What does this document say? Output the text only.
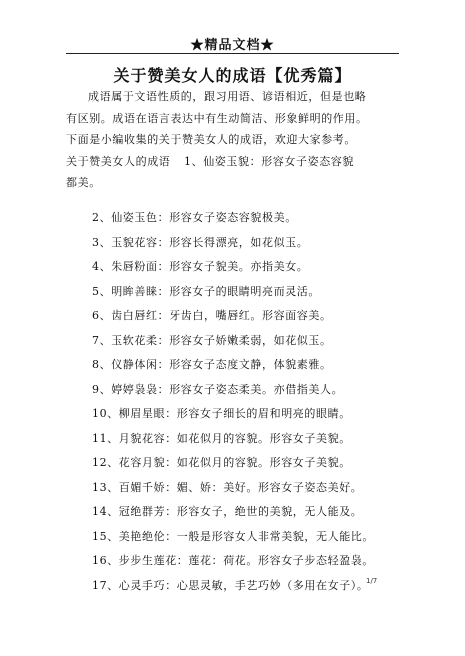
★精品文档★
关于赞美女人的成语【优秀篇】

成语属于文语性质的，跟习用语、谚语相近，但是也略

有区别。成语在语言表达中有生动简洁、形象鲜明的作用。

下面是小编收集的关于赞美女人的成语，欢迎大家参考。

关于赞美女人的成语 1、仙姿玉貌：形容女子姿态容貌

都美。

2、仙姿玉色：形容女子姿态容貌极美。
3、玉貌花容：形容长得漂亮，如花似玉。
4、朱唇粉面：形容女子貌美。亦指美女。
5、明眸善睐：形容女子的眼睛明亮而灵活。
6、齿白唇红：牙齿白，嘴唇红。形容面容美。
7、玉软花柔：形容女子娇嫩柔弱，如花似玉。
8、仪静体闲：形容女子态度文静，体貌素雅。
9、婷婷袅袅：形容女子姿态柔美。亦借指美人。
10、柳眉星眼：形容女子细长的眉和明亮的眼睛。
11、月貌花容：如花似月的容貌。形容女子美貌。
12、花容月貌：如花似月的容貌。形容女子美貌。
13、百媚千娇：媚、娇：美好。形容女子姿态美好。
14、冠绝群芳：形容女子，绝世的美貌，无人能及。
15、美艳绝伦：一般是形容女人非常美貌，无人能比。
16、步步生莲花：莲花：荷花。形容女子步态轻盈袅。
17、心灵手巧：心思灵敏，手艺巧妙（多用在女子）。
1/7
